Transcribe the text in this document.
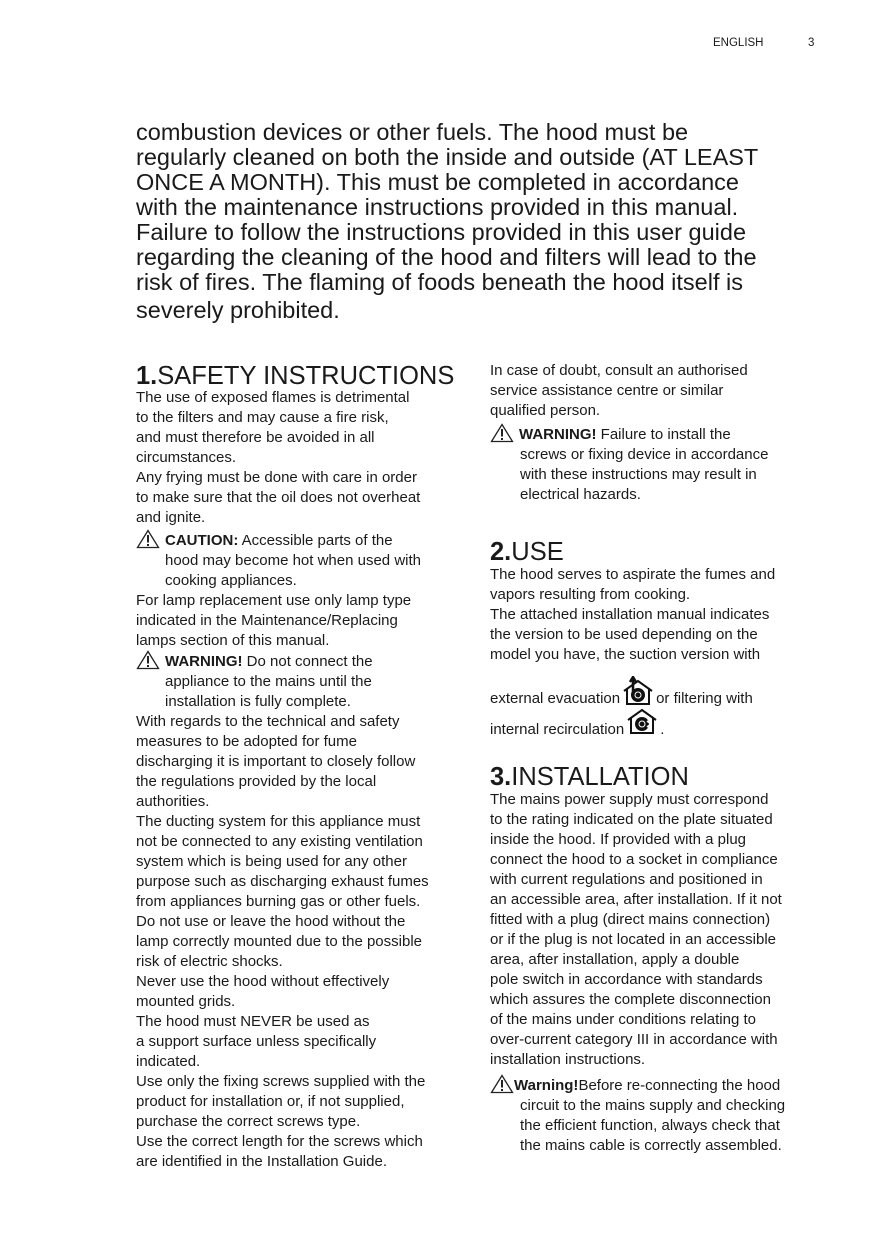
ENGLISH	3
1.SAFETY INSTRUCTIONS
2.USE
3.INSTALLATION
external evacuation or filtering with
internal recirculation .
combustion devices or other fuels. The hood must be
regularly cleaned on both the inside and outside (AT LEAST
ONCE A MONTH). This must be completed in accordance
with the maintenance instructions provided in this manual.
Failure to follow the instructions provided in this user guide
regarding the cleaning of the hood and filters will lead to the
risk of fires. The flaming of foods beneath the hood itself is
severely prohibited.
The use of exposed flames is detrimental
to the filters and may cause a fire risk,
and must therefore be avoided in all
circumstances.
Any frying must be done with care in order
to make sure that the oil does not overheat
and ignite.
CAUTION: Accessible parts of the
hood may become hot when used with
cooking appliances.
For lamp replacement use only lamp type
indicated in the Maintenance/Replacing
lamps section of this manual.
WARNING! Do not connect the
appliance to the mains until the
installation is fully complete.
With regards to the technical and safety
measures to be adopted for fume
discharging it is important to closely follow
the regulations provided by the local
authorities.
The ducting system for this appliance must
not be connected to any existing ventilation
system which is being used for any other
purpose such as discharging exhaust fumes
from appliances burning gas or other fuels.
Do not use or leave the hood without the
lamp correctly mounted due to the possible
risk of electric shocks.
Never use the hood without effectively
mounted grids.
The hood must NEVER be used as
a support surface unless specifically
indicated.
Use only the fixing screws supplied with the
product for installation or, if not supplied,
purchase the correct screws type.
Use the correct length for the screws which
are identified in the Installation Guide.
In case of doubt, consult an authorised
service assistance centre or similar
qualified person.
WARNING! Failure to install the
screws or fixing device in accordance
with these instructions may result in
electrical hazards.
The hood serves to aspirate the fumes and
vapors resulting from cooking.
The attached installation manual indicates
the version to be used depending on the
model you have, the suction version with
The mains power supply must correspond
to the rating indicated on the plate situated
inside the hood. If provided with a plug
connect the hood to a socket in compliance
with current regulations and positioned in
an accessible area, after installation. If it not
fitted with a plug (direct mains connection)
or if the plug is not located in an accessible
area, after installation, apply a double
pole switch in accordance with standards
which assures the complete disconnection
of the mains under conditions relating to
over-current category III in accordance with
installation instructions.
Warning!Before re-connecting the hood
circuit to the mains supply and checking
the efficient function, always check that
the mains cable is correctly assembled.
